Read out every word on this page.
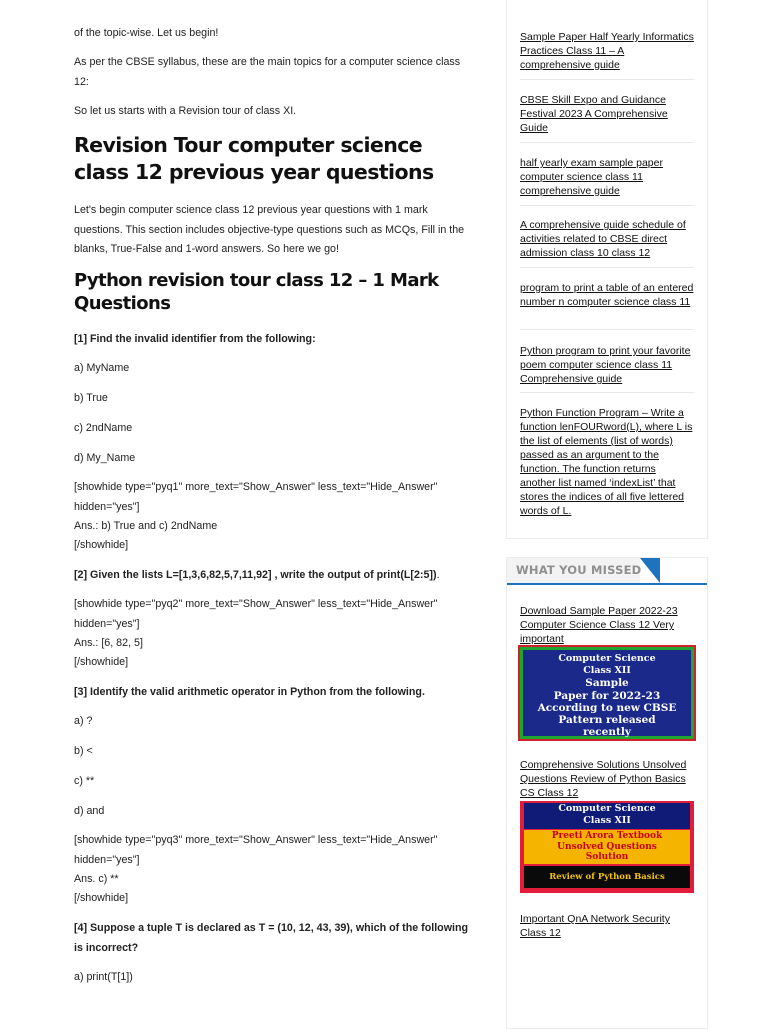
of the topic-wise. Let us begin!

As per the CBSE syllabus, these are the main topics for a computer science class 12:

So let us starts with a Revision tour of class XI.

Revision Tour computer science class 12 previous year questions

Let's begin computer science class 12 previous year questions with 1 mark questions. This section includes objective-type questions such as MCQs, Fill in the blanks, True-False and 1-word answers. So here we go!

Python revision tour class 12 – 1 Mark Questions

[1] Find the invalid identifier from the following:

a) MyName

b) True

c) 2ndName

d) My_Name

[showhide type="pyq1" more_text="Show_Answer" less_text="Hide_Answer" hidden="yes"]

Ans.: b) True and c) 2ndName

[/showhide]

[2] Given the lists L=[1,3,6,82,5,7,11,92] , write the output of print(L[2:5]).

[showhide type="pyq2" more_text="Show_Answer" less_text="Hide_Answer" hidden="yes"]

Ans.: [6, 82, 5]

[/showhide]

[3] Identify the valid arithmetic operator in Python from the following.

a) ?

b) <

c) **

d) and

[showhide type="pyq3" more_text="Show_Answer" less_text="Hide_Answer" hidden="yes"]

Ans. c) **

[/showhide]

[4] Suppose a tuple T is declared as T = (10, 12, 43, 39), which of the following is incorrect?

a) print(T[1])

Sample Paper Half Yearly Informatics Practices Class 11 – A comprehensive guide
CBSE Skill Expo and Guidance Festival 2023 A Comprehensive Guide
half yearly exam sample paper computer science class 11 comprehensive guide
A comprehensive guide schedule of activities related to CBSE direct admission class 10 class 12
program to print a table of an entered number n computer science class 11
Python program to print your favorite poem computer science class 11 Comprehensive guide
Python Function Program – Write a function lenFOURword(L), where L is the list of elements (list of words) passed as an argument to the function. The function returns another list named ‘indexList’ that stores the indices of all five lettered words of L.
WHAT YOU MISSED
Download Sample Paper 2022-23 Computer Science Class 12 Very important
Computer Science
Class XII
Sample
Paper for 2022-23
According to new CBSE
Pattern released
recently
Comprehensive Solutions Unsolved Questions Review of Python Basics CS Class 12
Computer Science
Class XII
Preeti Arora Textbook
Unsolved Questions
Solution
Review of Python Basics
Important QnA Network Security Class 12
